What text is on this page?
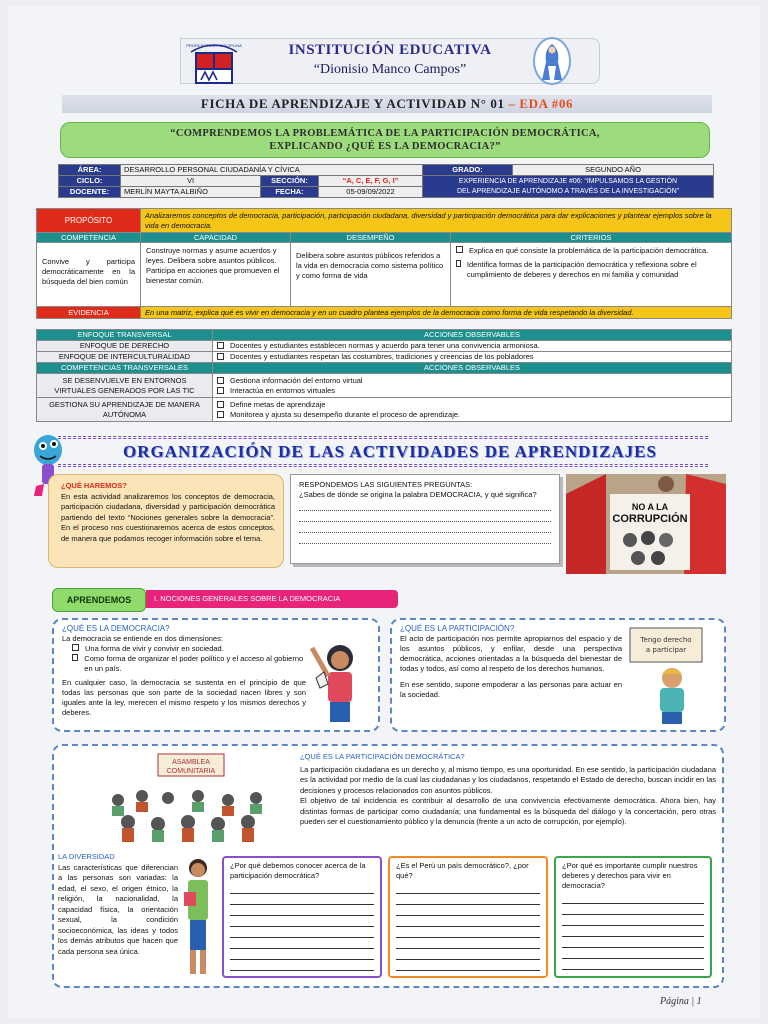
PROFA ESTUDIO DISCIPLINA	INSTITUCIÓN EDUCATIVA
“Dionisio Manco Campos”
FICHA DE APRENDIZAJE Y ACTIVIDAD N° 01 – EDA #06
“COMPRENDEMOS LA PROBLEMÁTICA DE LA PARTICIPACIÓN DEMOCRÁTICA,
EXPLICANDO ¿QUÉ ES LA DEMOCRACIA?”
ÁREA:	DESARROLLO PERSONAL CIUDADANÍA Y CÍVICA			GRADO:	SEGUNDO AÑO
CICLO:	VI	SECCIÓN:	“A, C, E, F, G, I”	EXPERIENCIA DE APRENDIZAJE #06: “IMPULSAMOS LA GESTIÓN
DEL APRENDIZAJE AUTÓNOMO A TRAVÉS DE LA INVESTIGACIÓN”	

DOCENTE:	MERLÍN MAYTA ALBIÑO	FECHA:	05-09/09/2022		
PROPÓSITO	Analizaremos conceptos de democracia, participación, participación ciudadana, diversidad y participación democrática para dar explicaciones y plantear ejemplos sobre la vida en democracia.		
COMPETENCIA	CAPACIDAD	DESEMPEÑO	CRITERIOS
Convive y participa democráticamente en la búsqueda del bien común	Construye normas y asume acuerdos y leyes. Delibera sobre asuntos públicos. Participa en acciones que promueven el bienestar común.	Delibera sobre asuntos públicos referidos a la vida en democracia como sistema político y como forma de vida	Explica en qué consiste la problemática de la participación democrática.
Identifica formas de la participación democrática y reflexiona sobre el cumplimiento de deberes y derechos en mi familia y comunidad

EVIDENCIA	En una matriz, explica qué es vivir en democracia y en un cuadro plantea ejemplos de la democracia como forma de vida respetando la diversidad.		
ENFOQUE TRANSVERSAL	ACCIONES OBSERVABLES
ENFOQUE DE DERECHO	Docentes y estudiantes establecen normas y acuerdo para tener una convivencia armoniosa.
ENFOQUE DE INTERCULTURALIDAD	Docentes y estudiantes respetan las costumbres, tradiciones y creencias de los pobladores
COMPETENCIAS TRANSVERSALES	ACCIONES OBSERVABLES
SE DESENVUELVE EN ENTORNOS VIRTUALES GENERADOS POR LAS TIC	Gestiona información del entorno virtual
Interactúa en entornos virtuales

GESTIONA SU APRENDIZAJE DE MANERA AUTÓNOMA	Define metas de aprendizaje
Monitorea y ajusta su desempeño durante el proceso de aprendizaje.
ORGANIZACIÓN DE LAS ACTIVIDADES DE APRENDIZAJES
¿QUÉ HAREMOS?
En esta actividad analizaremos los conceptos de democracia, participación ciudadana, diversidad y participación democrática partiendo del texto “Nociones generales sobre la democracia”. En el proceso nos cuestionaremos acerca de estos conceptos, de manera que podamos recoger información sobre el tema.
RESPONDEMOS LAS SIGUIENTES PREGUNTAS:
¿Sabes de dónde se origina la palabra DEMOCRACIA, y qué significa?
NO A LA
CORRUPCIÓN
APRENDEMOS	I. NOCIONES GENERALES SOBRE LA DEMOCRACIA
¿QUÉ ES LA DEMOCRACIA?
La democracia se entiende en dos dimensiones:
Una forma de vivir y convivir en sociedad.
Como forma de organizar el poder político y el acceso al gobierno en un país.
En cualquier caso, la democracia se sustenta en el principio de que todas las personas que son parte de la sociedad nacen libres y son iguales ante la ley, merecen el mismo respeto y los mismos derechos y deberes.
¿QUÉ ES LA PARTICIPACIÓN?
El acto de participación nos permite apropiarnos del espacio y de los asuntos públicos, y enfilar, desde una perspectiva democrática, acciones orientadas a la búsqueda del bienestar de todas y todos, así como al respeto de los derechos humanos.
En ese sentido, supone empoderar a las personas para actuar en la sociedad.
Tengo derecho
a participar
ASAMBLEA
COMUNITARIA
¿QUÉ ES LA PARTICIPACIÓN DEMOCRÁTICA?
La participación ciudadana es un derecho y, al mismo tiempo, es una oportunidad. En ese sentido, la participación ciudadana es la actividad por medio de la cual las ciudadanas y los ciudadanos, respetando el Estado de derecho, buscan incidir en las decisiones y procesos relacionados con asuntos públicos.
El objetivo de tal incidencia es contribuir al desarrollo de una convivencia efectivamente democrática. Ahora bien, hay distintas formas de participar como ciudadanía; una fundamental es la búsqueda del diálogo y la concertación, pero otras pueden ser el cuestionamiento público y la denuncia (frente a un acto de corrupción, por ejemplo).
LA DIVERSIDAD
Las características que diferencian a las personas son variadas: la edad, el sexo, el origen étnico, la religión, la nacionalidad, la capacidad física, la orientación sexual, la condición socioeconómica, las ideas y todos los demás atributos que hacen que cada persona sea única.
¿Por qué debemos conocer acerca de la participación democrática?
¿Es el Perú un país democrático?, ¿por qué?
¿Por qué es importante cumplir nuestros deberes y derechos para vivir en democracia?
Página | 1
